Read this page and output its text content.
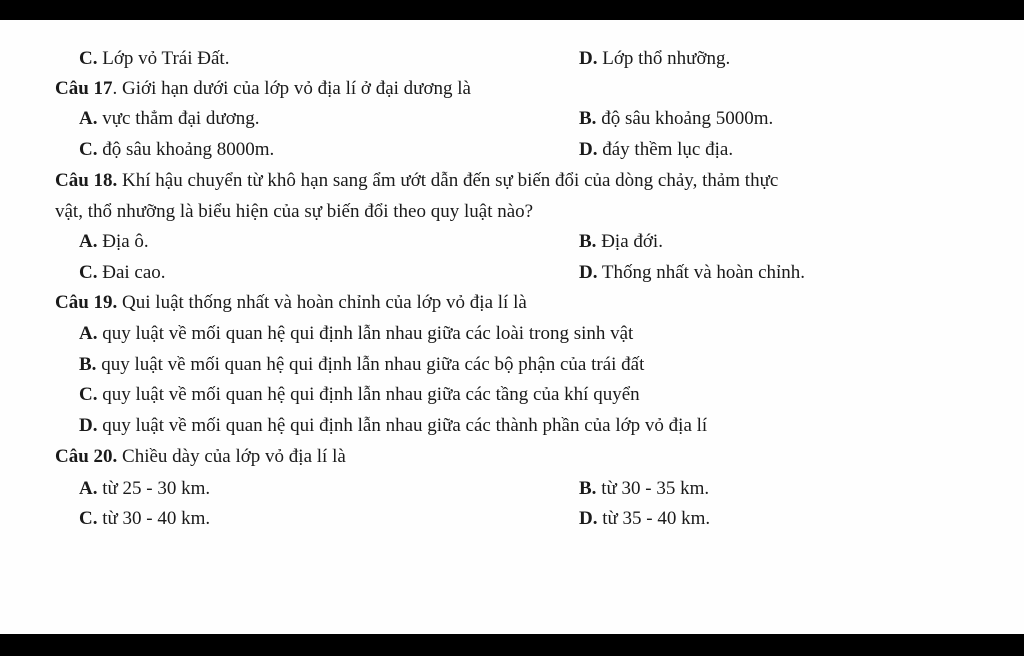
C. Lớp vỏ Trái Đất.	D. Lớp thổ nhưỡng.
Câu 17. Giới hạn dưới của lớp vỏ địa lí ở đại dương là
A. vực thẳm đại dương.	B. độ sâu khoảng 5000m.
C. độ sâu khoảng 8000m.	D. đáy thềm lục địa.
Câu 18. Khí hậu chuyển từ khô hạn sang ẩm ướt dẫn đến sự biến đổi của dòng chảy, thảm thực
vật, thổ nhưỡng là biểu hiện của sự biến đổi theo quy luật nào?
A. Địa ô.	B. Địa đới.
C. Đai cao.	D. Thống nhất và hoàn chỉnh.
Câu 19. Qui luật thống nhất và hoàn chỉnh của lớp vỏ địa lí là
A. quy luật về mối quan hệ qui định lẫn nhau giữa các loài trong sinh vật
B. quy luật về mối quan hệ qui định lẫn nhau giữa các bộ phận của trái đất
C. quy luật về mối quan hệ qui định lẫn nhau giữa các tầng của khí quyển
D. quy luật về mối quan hệ qui định lẫn nhau giữa các thành phần của lớp vỏ địa lí
Câu 20. Chiều dày của lớp vỏ địa lí là
A. từ 25 - 30 km.	B. từ 30 - 35 km.
C. từ 30 - 40 km.	D. từ 35 - 40 km.
